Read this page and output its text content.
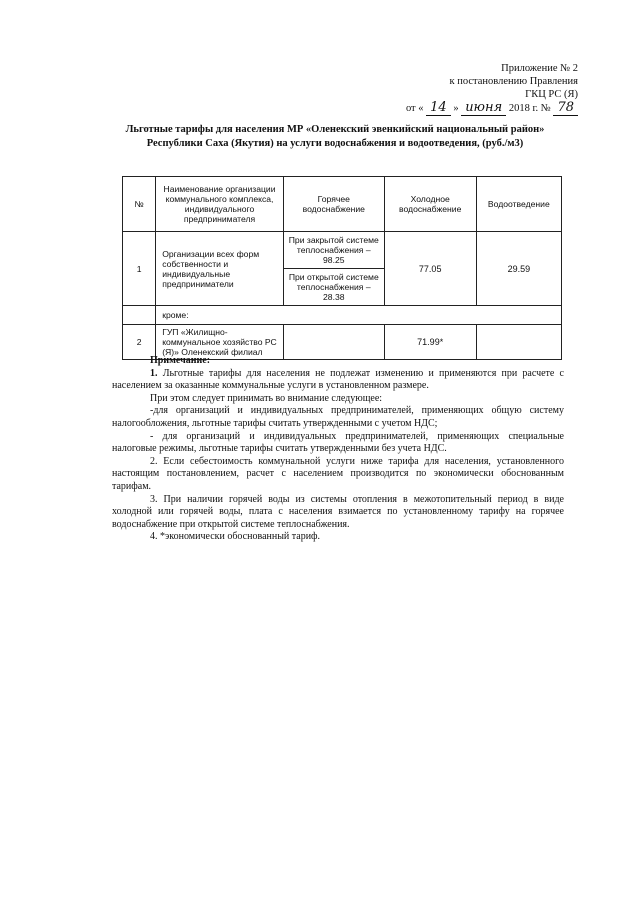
Приложение № 2
к постановлению Правления
ГКЦ РС (Я)
от « 14 » июня 2018 г. № 78
Льготные тарифы для населения МР «Оленекский эвенкийский национальный район»
Республики Саха (Якутия) на услуги водоснабжения и водоотведения, (руб./м3)
№	Наименование организации коммунального комплекса, индивидуального предпринимателя	Горячее водоснабжение	Холодное водоснабжение	Водоотведение
1	Организации всех форм собственности и индивидуальные предприниматели	При закрытой системе теплоснабжения – 98.25	77.05	29.59
		При открытой системе теплоснабжения – 28.38		
	кроме:			
2	ГУП «Жилищно-коммунальное хозяйство РС (Я)» Оленекский филиал		71.99*	

Примечание:

1. Льготные тарифы для населения не подлежат изменению и применяются при расчете с населением за оказанные коммунальные услуги в установленном размере.

При этом следует принимать во внимание следующее:

-для организаций и индивидуальных предпринимателей, применяющих общую систему налогообложения, льготные тарифы считать утвержденными с учетом НДС;

- для организаций и индивидуальных предпринимателей, применяющих специальные налоговые режимы, льготные тарифы считать утвержденными без учета НДС.

2. Если себестоимость коммунальной услуги ниже тарифа для населения, установленного настоящим постановлением, расчет с населением производится по экономически обоснованным тарифам.

3. При наличии горячей воды из системы отопления в межотопительный период в виде холодной или горячей воды, плата с населения взимается по установленному тарифу на горячее водоснабжение при открытой системе теплоснабжения.

4. *экономически обоснованный тариф.
